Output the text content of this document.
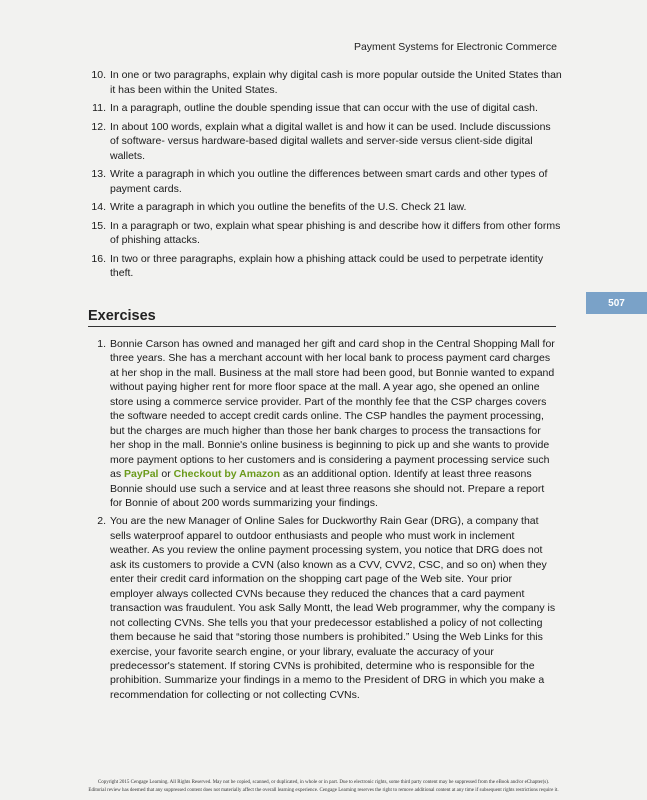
Payment Systems for Electronic Commerce
507
10. In one or two paragraphs, explain why digital cash is more popular outside the United States than it has been within the United States.
11. In a paragraph, outline the double spending issue that can occur with the use of digital cash.
12. In about 100 words, explain what a digital wallet is and how it can be used. Include discussions of software- versus hardware-based digital wallets and server-side versus client-side digital wallets.
13. Write a paragraph in which you outline the differences between smart cards and other types of payment cards.
14. Write a paragraph in which you outline the benefits of the U.S. Check 21 law.
15. In a paragraph or two, explain what spear phishing is and describe how it differs from other forms of phishing attacks.
16. In two or three paragraphs, explain how a phishing attack could be used to perpetrate identity theft.
Exercises
1. Bonnie Carson has owned and managed her gift and card shop in the Central Shopping Mall for three years. She has a merchant account with her local bank to process payment card charges at her shop in the mall. Business at the mall store had been good, but Bonnie wanted to expand without paying higher rent for more floor space at the mall. A year ago, she opened an online store using a commerce service provider. Part of the monthly fee that the CSP charges covers the software needed to accept credit cards online. The CSP handles the payment processing, but the charges are much higher than those her bank charges to process the transactions for her shop in the mall. Bonnie's online business is beginning to pick up and she wants to provide more payment options to her customers and is considering a payment processing service such as PayPal or Checkout by Amazon as an additional option. Identify at least three reasons Bonnie should use such a service and at least three reasons she should not. Prepare a report for Bonnie of about 200 words summarizing your findings.
2. You are the new Manager of Online Sales for Duckworthy Rain Gear (DRG), a company that sells waterproof apparel to outdoor enthusiasts and people who must work in inclement weather. As you review the online payment processing system, you notice that DRG does not ask its customers to provide a CVN (also known as a CVV, CVV2, CSC, and so on) when they enter their credit card information on the shopping cart page of the Web site. Your prior employer always collected CVNs because they reduced the chances that a card payment transaction was fraudulent. You ask Sally Montt, the lead Web programmer, why the company is not collecting CVNs. She tells you that your predecessor established a policy of not collecting them because he said that “storing those numbers is prohibited.” Using the Web Links for this exercise, your favorite search engine, or your library, evaluate the accuracy of your predecessor's statement. If storing CVNs is prohibited, determine who is responsible for the prohibition. Summarize your findings in a memo to the President of DRG in which you make a recommendation for collecting or not collecting CVNs.
Copyright 2015 Cengage Learning. All Rights Reserved. May not be copied, scanned, or duplicated, in whole or in part. Due to electronic rights, some third party content may be suppressed from the eBook and/or eChapter(s).
Editorial review has deemed that any suppressed content does not materially affect the overall learning experience. Cengage Learning reserves the right to remove additional content at any time if subsequent rights restrictions require it.
